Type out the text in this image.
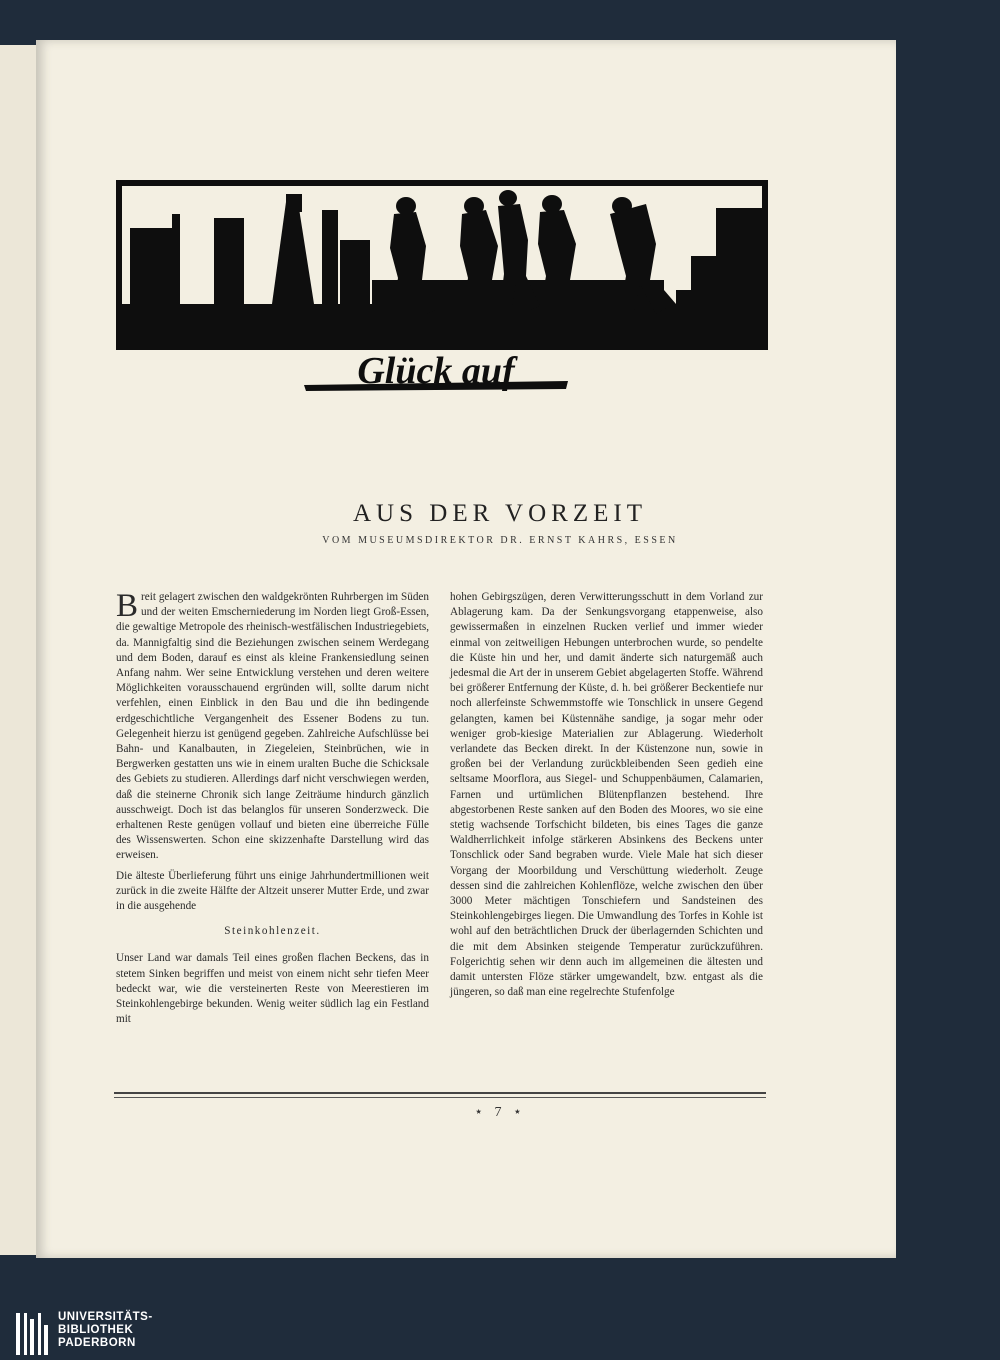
Glück auf
AUS DER VORZEIT
VOM MUSEUMSDIREKTOR DR. ERNST KAHRS, ESSEN

Breit gelagert zwischen den waldgekrönten Ruhrbergen im Süden und der weiten Emscherniederung im Norden liegt Groß-Essen, die gewaltige Metropole des rheinisch-westfälischen Industriegebiets, da. Mannigfaltig sind die Beziehungen zwischen seinem Werdegang und dem Boden, darauf es einst als kleine Frankensiedlung seinen Anfang nahm. Wer seine Entwicklung verstehen und deren weitere Möglichkeiten vorausschauend ergründen will, sollte darum nicht verfehlen, einen Einblick in den Bau und die ihn bedingende erdgeschichtliche Vergangenheit des Essener Bodens zu tun. Gelegenheit hierzu ist genügend gegeben. Zahlreiche Aufschlüsse bei Bahn- und Kanalbauten, in Ziegeleien, Steinbrüchen, wie in Bergwerken gestatten uns wie in einem uralten Buche die Schicksale des Gebiets zu studieren. Allerdings darf nicht verschwiegen werden, daß die steinerne Chronik sich lange Zeiträume hindurch gänzlich ausschweigt. Doch ist das belanglos für unseren Sonderzweck. Die erhaltenen Reste genügen vollauf und bieten eine überreiche Fülle des Wissenswerten. Schon eine skizzenhafte Darstellung wird das erweisen.

Die älteste Überlieferung führt uns einige Jahrhundertmillionen weit zurück in die zweite Hälfte der Altzeit unserer Mutter Erde, und zwar in die ausgehende

Steinkohlenzeit.

Unser Land war damals Teil eines großen flachen Beckens, das in stetem Sinken begriffen und meist von einem nicht sehr tiefen Meer bedeckt war, wie die versteinerten Reste von Meerestieren im Steinkohlengebirge bekunden. Wenig weiter südlich lag ein Festland mit

hohen Gebirgszügen, deren Verwitterungsschutt in dem Vorland zur Ablagerung kam. Da der Senkungsvorgang etappenweise, also gewissermaßen in einzelnen Rucken verlief und immer wieder einmal von zeitweiligen Hebungen unterbrochen wurde, so pendelte die Küste hin und her, und damit änderte sich naturgemäß auch jedesmal die Art der in unserem Gebiet abgelagerten Stoffe. Während bei größerer Entfernung der Küste, d. h. bei größerer Beckentiefe nur noch allerfeinste Schwemmstoffe wie Tonschlick in unsere Gegend gelangten, kamen bei Küstennähe sandige, ja sogar mehr oder weniger grob-kiesige Materialien zur Ablagerung. Wiederholt verlandete das Becken direkt. In der Küstenzone nun, sowie in großen bei der Verlandung zurückbleibenden Seen gedieh eine seltsame Moorflora, aus Siegel- und Schuppenbäumen, Calamarien, Farnen und urtümlichen Blütenpflanzen bestehend. Ihre abgestorbenen Reste sanken auf den Boden des Moores, wo sie eine stetig wachsende Torfschicht bildeten, bis eines Tages die ganze Waldherrlichkeit infolge stärkeren Absinkens des Beckens unter Tonschlick oder Sand begraben wurde. Viele Male hat sich dieser Vorgang der Moorbildung und Verschüttung wiederholt. Zeuge dessen sind die zahlreichen Kohlenflöze, welche zwischen den über 3000 Meter mächtigen Tonschiefern und Sandsteinen des Steinkohlengebirges liegen. Die Umwandlung des Torfes in Kohle ist wohl auf den beträchtlichen Druck der überlagernden Schichten und die mit dem Absinken steigende Temperatur zurückzuführen. Folgerichtig sehen wir denn auch im allgemeinen die ältesten und damit untersten Flöze stärker umgewandelt, bzw. entgast als die jüngeren, so daß man eine regelrechte Stufenfolge

⋆ 7 ⋆
UNIVERSITÄTS-
BIBLIOTHEK
PADERBORN
